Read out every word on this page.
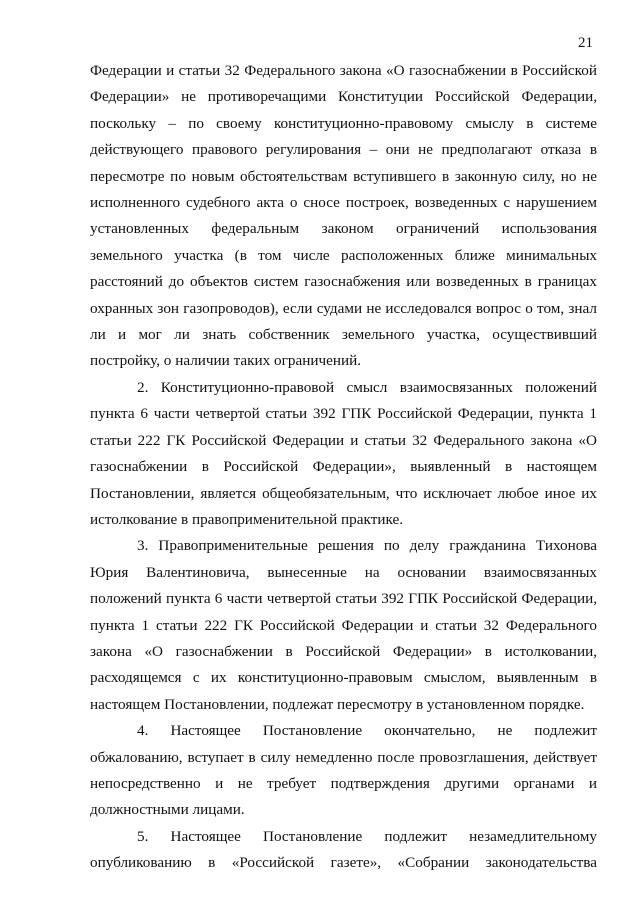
21
Федерации и статьи 32 Федерального закона «О газоснабжении в Российской
Федерации» не противоречащими Конституции Российской Федерации,
поскольку – по своему конституционно-правовому смыслу в системе
действующего правового регулирования – они не предполагают отказа в
пересмотре по новым обстоятельствам вступившего в законную силу, но не
исполненного судебного акта о сносе построек, возведенных с нарушением
установленных федеральным законом ограничений использования
земельного участка (в том числе расположенных ближе минимальных
расстояний до объектов систем газоснабжения или возведенных в границах
охранных зон газопроводов), если судами не исследовался вопрос о том, знал
ли и мог ли знать собственник земельного участка, осуществивший
постройку, о наличии таких ограничений.
2. Конституционно-правовой смысл взаимосвязанных положений
пункта 6 части четвертой статьи 392 ГПК Российской Федерации, пункта 1
статьи 222 ГК Российской Федерации и статьи 32 Федерального закона «О
газоснабжении в Российской Федерации», выявленный в настоящем
Постановлении, является общеобязательным, что исключает любое иное их
истолкование в правоприменительной практике.
3. Правоприменительные решения по делу гражданина Тихонова
Юрия Валентиновича, вынесенные на основании взаимосвязанных
положений пункта 6 части четвертой статьи 392 ГПК Российской Федерации,
пункта 1 статьи 222 ГК Российской Федерации и статьи 32 Федерального
закона «О газоснабжении в Российской Федерации» в истолковании,
расходящемся с их конституционно-правовым смыслом, выявленным в
настоящем Постановлении, подлежат пересмотру в установленном порядке.
4. Настоящее Постановление окончательно, не подлежит
обжалованию, вступает в силу немедленно после провозглашения, действует
непосредственно и не требует подтверждения другими органами и
должностными лицами.
5. Настоящее Постановление подлежит незамедлительному
опубликованию в «Российской газете», «Собрании законодательства
